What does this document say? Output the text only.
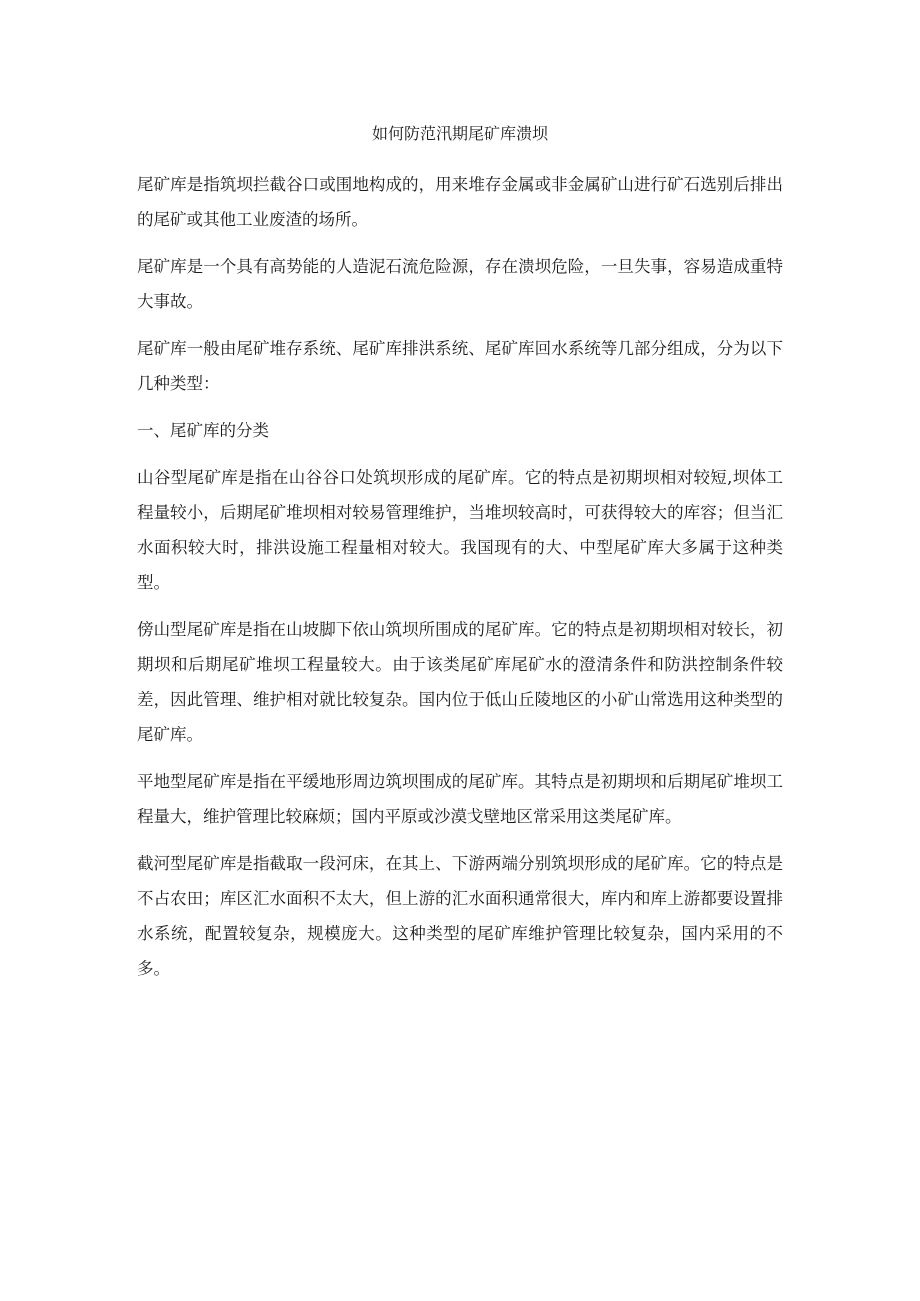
如何防范汛期尾矿库溃坝

尾矿库是指筑坝拦截谷口或围地构成的，用来堆存金属或非金属矿山进行矿石选别后排出的尾矿或其他工业废渣的场所。

尾矿库是一个具有高势能的人造泥石流危险源，存在溃坝危险，一旦失事，容易造成重特大事故。

尾矿库一般由尾矿堆存系统、尾矿库排洪系统、尾矿库回水系统等几部分组成，分为以下几种类型：

一、尾矿库的分类

山谷型尾矿库是指在山谷谷口处筑坝形成的尾矿库。它的特点是初期坝相对较短,坝体工程量较小，后期尾矿堆坝相对较易管理维护，当堆坝较高时，可获得较大的库容；但当汇水面积较大时，排洪设施工程量相对较大。我国现有的大、中型尾矿库大多属于这种类型。

傍山型尾矿库是指在山坡脚下依山筑坝所围成的尾矿库。它的特点是初期坝相对较长，初期坝和后期尾矿堆坝工程量较大。由于该类尾矿库尾矿水的澄清条件和防洪控制条件较差，因此管理、维护相对就比较复杂。国内位于低山丘陵地区的小矿山常选用这种类型的尾矿库。

平地型尾矿库是指在平缓地形周边筑坝围成的尾矿库。其特点是初期坝和后期尾矿堆坝工程量大，维护管理比较麻烦；国内平原或沙漠戈壁地区常采用这类尾矿库。

截河型尾矿库是指截取一段河床，在其上、下游两端分别筑坝形成的尾矿库。它的特点是不占农田；库区汇水面积不太大，但上游的汇水面积通常很大，库内和库上游都要设置排水系统，配置较复杂，规模庞大。这种类型的尾矿库维护管理比较复杂，国内采用的不多。
